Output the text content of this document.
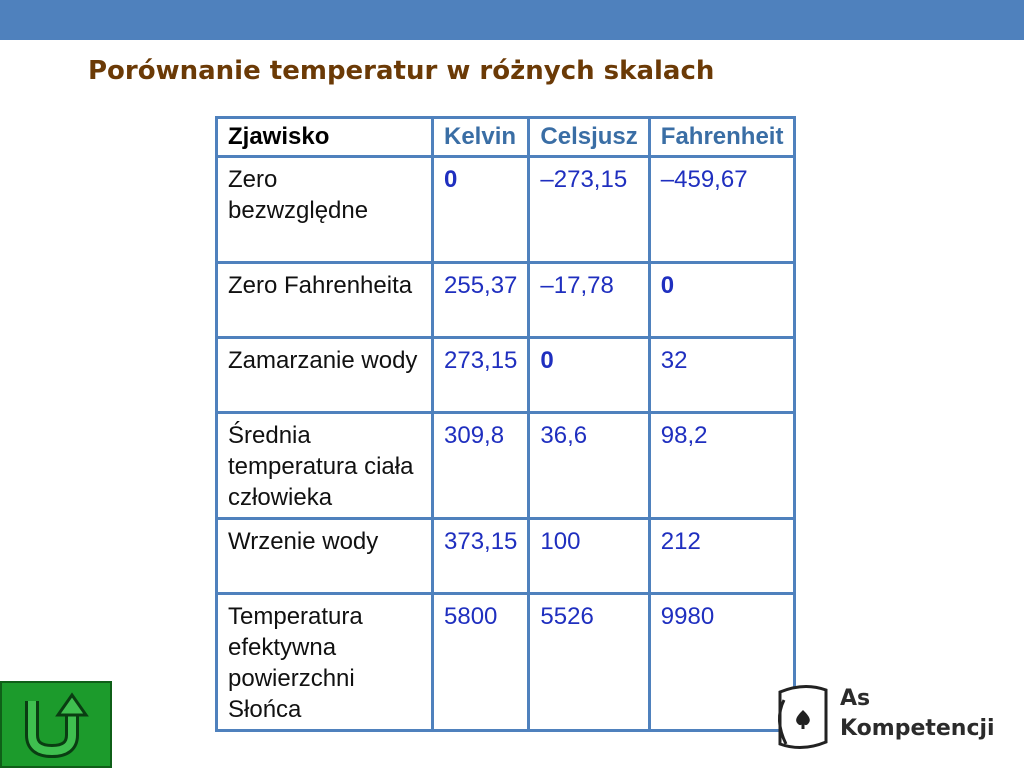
Porównanie temperatur w różnych skalach
Zjawisko	Kelvin	Celsjusz	Fahrenheit
Zero bezwzględne	0	–273,15	–459,67
Zero Fahrenheita	255,37	–17,78	0
Zamarzanie wody	273,15	0	32
Średnia temperatura ciała człowieka	309,8	36,6	98,2
Wrzenie wody	373,15	100	212
Temperatura efektywna powierzchni Słońca	5800	5526	9980
As
Kompetencji
